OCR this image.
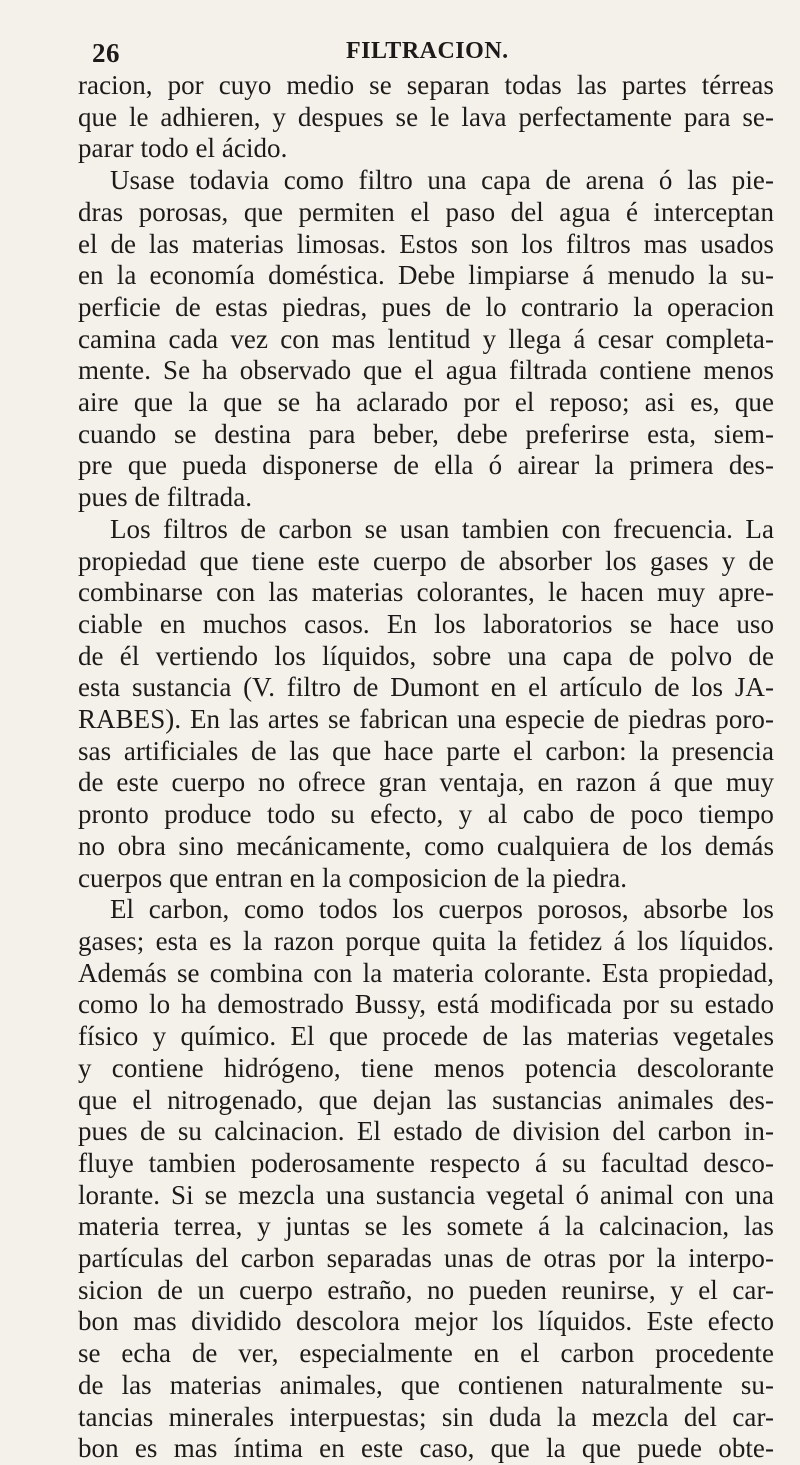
26	FILTRACION.
racion, por cuyo medio se separan todas las partes térreas
que le adhieren, y despues se le lava perfectamente para se-
parar todo el ácido.
Usase todavia como filtro una capa de arena ó las pie-
dras porosas, que permiten el paso del agua é interceptan
el de las materias limosas. Estos son los filtros mas usados
en la economía doméstica. Debe limpiarse á menudo la su-
perficie de estas piedras, pues de lo contrario la operacion
camina cada vez con mas lentitud y llega á cesar completa-
mente. Se ha observado que el agua filtrada contiene menos
aire que la que se ha aclarado por el reposo; asi es, que
cuando se destina para beber, debe preferirse esta, siem-
pre que pueda disponerse de ella ó airear la primera des-
pues de filtrada.
Los filtros de carbon se usan tambien con frecuencia. La
propiedad que tiene este cuerpo de absorber los gases y de
combinarse con las materias colorantes, le hacen muy apre-
ciable en muchos casos. En los laboratorios se hace uso
de él vertiendo los líquidos, sobre una capa de polvo de
esta sustancia (V. filtro de Dumont en el artículo de los JA-
RABES). En las artes se fabrican una especie de piedras poro-
sas artificiales de las que hace parte el carbon: la presencia
de este cuerpo no ofrece gran ventaja, en razon á que muy
pronto produce todo su efecto, y al cabo de poco tiempo
no obra sino mecánicamente, como cualquiera de los demás
cuerpos que entran en la composicion de la piedra.
El carbon, como todos los cuerpos porosos, absorbe los
gases; esta es la razon porque quita la fetidez á los líquidos.
Además se combina con la materia colorante. Esta propiedad,
como lo ha demostrado Bussy, está modificada por su estado
físico y químico. El que procede de las materias vegetales
y contiene hidrógeno, tiene menos potencia descolorante
que el nitrogenado, que dejan las sustancias animales des-
pues de su calcinacion. El estado de division del carbon in-
fluye tambien poderosamente respecto á su facultad desco-
lorante. Si se mezcla una sustancia vegetal ó animal con una
materia terrea, y juntas se les somete á la calcinacion, las
partículas del carbon separadas unas de otras por la interpo-
sicion de un cuerpo estraño, no pueden reunirse, y el car-
bon mas dividido descolora mejor los líquidos. Este efecto
se echa de ver, especialmente en el carbon procedente
de las materias animales, que contienen naturalmente su-
tancias minerales interpuestas; sin duda la mezcla del car-
bon es mas íntima en este caso, que la que puede obte-
